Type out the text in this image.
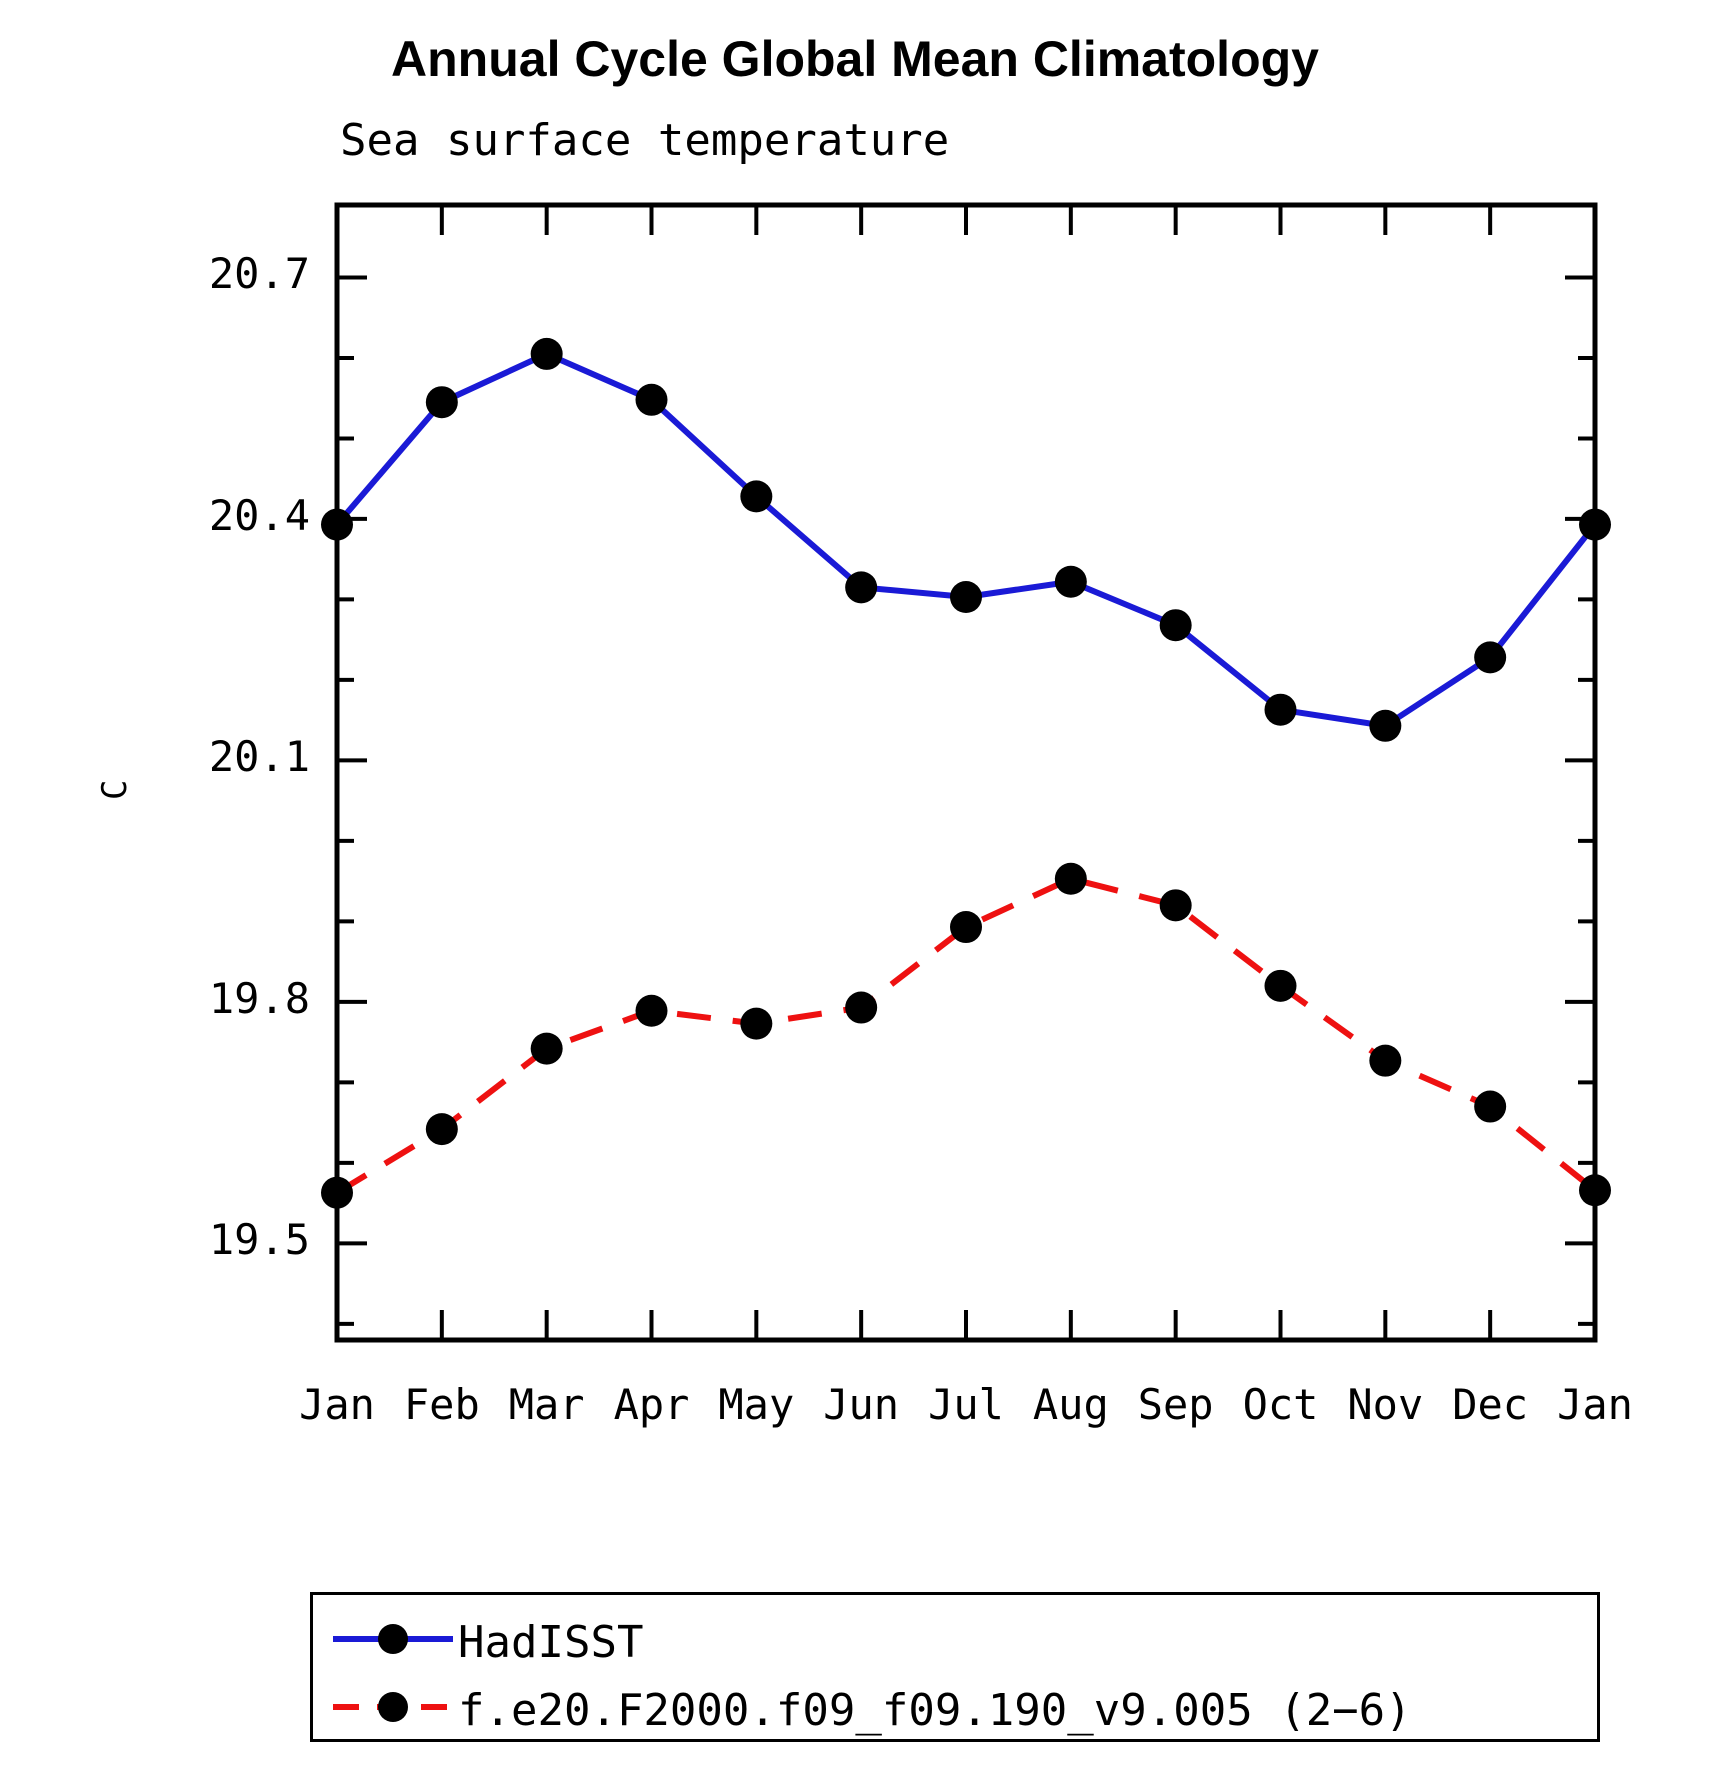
Annual Cycle Global Mean Climatology
Sea surface temperature
C
19.5
19.8
20.1
20.4
20.7
Jan Feb Mar Apr May Jun Jul Aug Sep Oct Nov Dec Jan
HadISST
f.e20.F2000.f09_f09.190_v9.005 (2−6)
